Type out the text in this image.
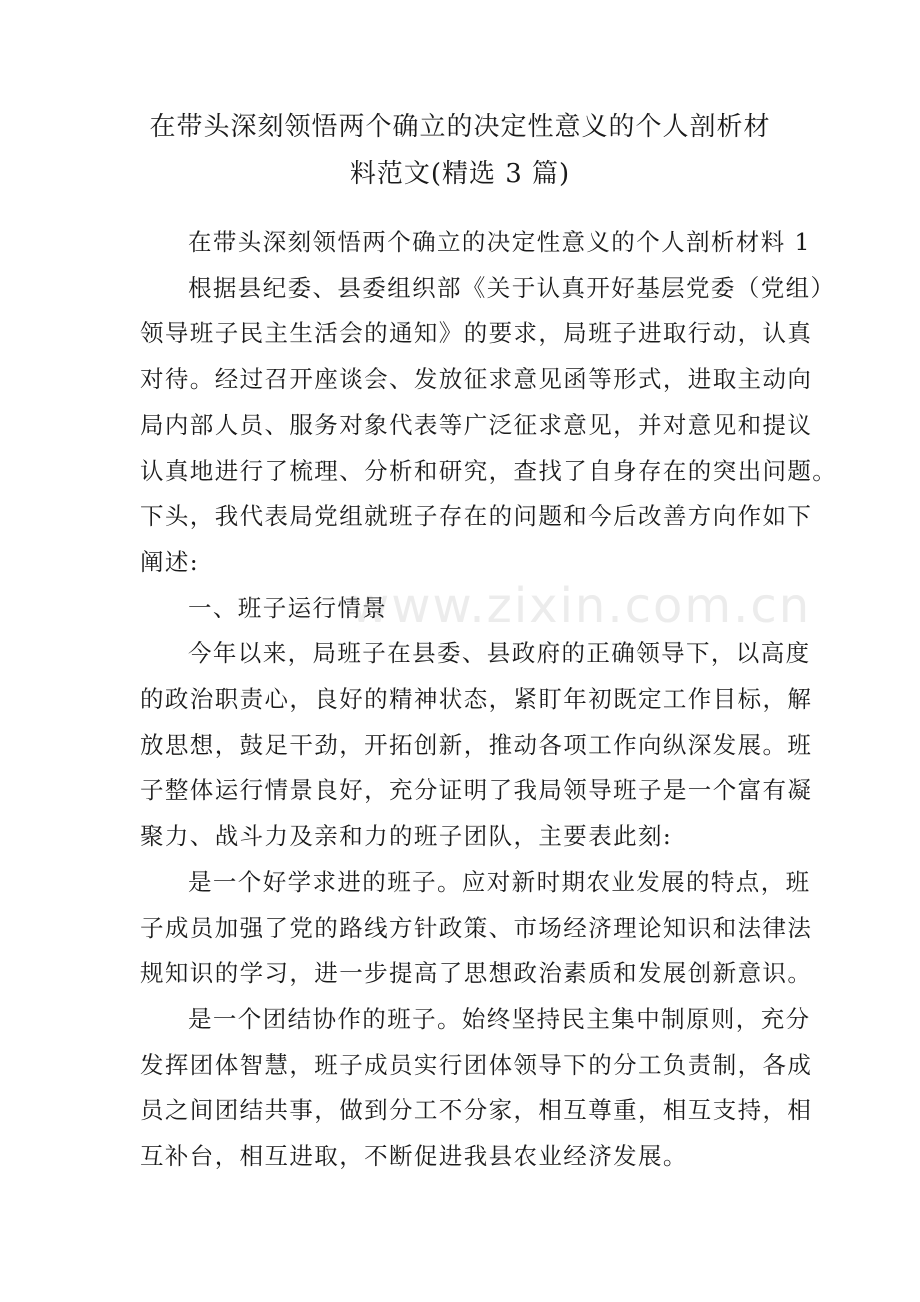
在带头深刻领悟两个确立的决定性意义的个人剖析材
料范文(精选 3 篇)
www.zixin.com.cn
在带头深刻领悟两个确立的决定性意义的个人剖析材料 1
根据县纪委、县委组织部《关于认真开好基层党委（党组）
领导班子民主生活会的通知》的要求，局班子进取行动，认真
对待。经过召开座谈会、发放征求意见函等形式，进取主动向
局内部人员、服务对象代表等广泛征求意见，并对意见和提议
认真地进行了梳理、分析和研究，查找了自身存在的突出问题。
下头，我代表局党组就班子存在的问题和今后改善方向作如下
阐述:
一、班子运行情景
今年以来，局班子在县委、县政府的正确领导下，以高度
的政治职责心，良好的精神状态，紧盯年初既定工作目标，解
放思想，鼓足干劲，开拓创新，推动各项工作向纵深发展。班
子整体运行情景良好，充分证明了我局领导班子是一个富有凝
聚力、战斗力及亲和力的班子团队，主要表此刻:
是一个好学求进的班子。应对新时期农业发展的特点，班
子成员加强了党的路线方针政策、市场经济理论知识和法律法
规知识的学习，进一步提高了思想政治素质和发展创新意识。
是一个团结协作的班子。始终坚持民主集中制原则，充分
发挥团体智慧，班子成员实行团体领导下的分工负责制，各成
员之间团结共事，做到分工不分家，相互尊重，相互支持，相
互补台，相互进取，不断促进我县农业经济发展。
